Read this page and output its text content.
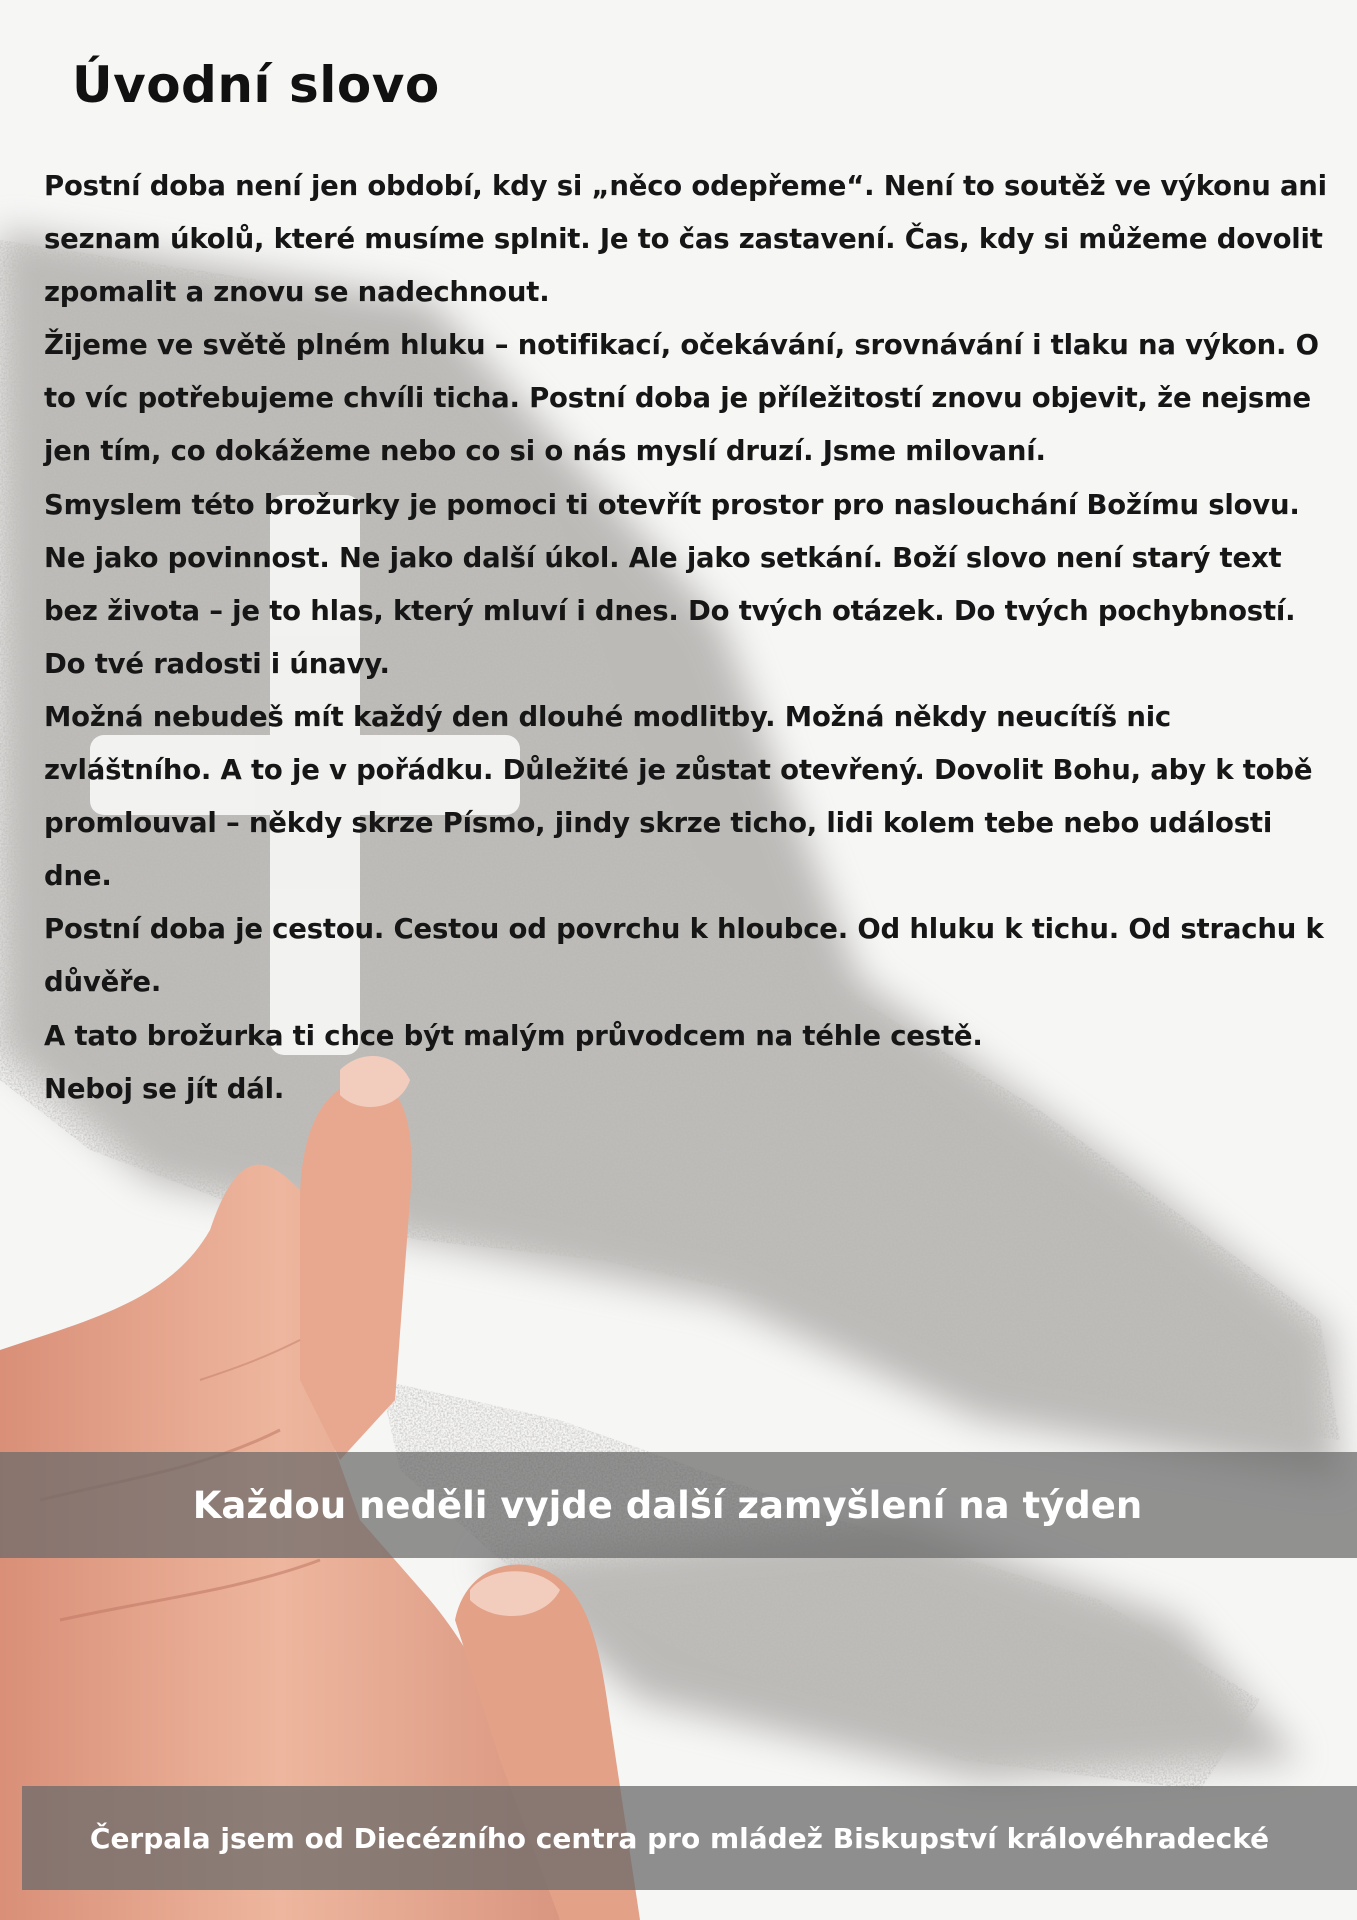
Úvodní slovo

Postní doba není jen období, kdy si „něco odepřeme“. Není to soutěž ve výkonu ani seznam úkolů, které musíme splnit. Je to čas zastavení. Čas, kdy si můžeme dovolit zpomalit a znovu se nadechnout.

Žijeme ve světě plném hluku – notifikací, očekávání, srovnávání i tlaku na výkon. O to víc potřebujeme chvíli ticha. Postní doba je příležitostí znovu objevit, že nejsme jen tím, co dokážeme nebo co si o nás myslí druzí. Jsme milovaní.

Smyslem této brožurky je pomoci ti otevřít prostor pro naslouchání Božímu slovu. Ne jako povinnost. Ne jako další úkol. Ale jako setkání. Boží slovo není starý text bez života – je to hlas, který mluví i dnes. Do tvých otázek. Do tvých pochybností. Do tvé radosti i únavy.

Možná nebudeš mít každý den dlouhé modlitby. Možná někdy neucítíš nic zvláštního. A to je v pořádku. Důležité je zůstat otevřený. Dovolit Bohu, aby k tobě promlouval – někdy skrze Písmo, jindy skrze ticho, lidi kolem tebe nebo události dne.

Postní doba je cestou. Cestou od povrchu k hloubce. Od hluku k tichu. Od strachu k důvěře.

A tato brožurka ti chce být malým průvodcem na téhle cestě.

Neboj se jít dál.

Každou neděli vyjde další zamyšlení na týden
Čerpala jsem od Diecézního centra pro mládež Biskupství královéhradecké
